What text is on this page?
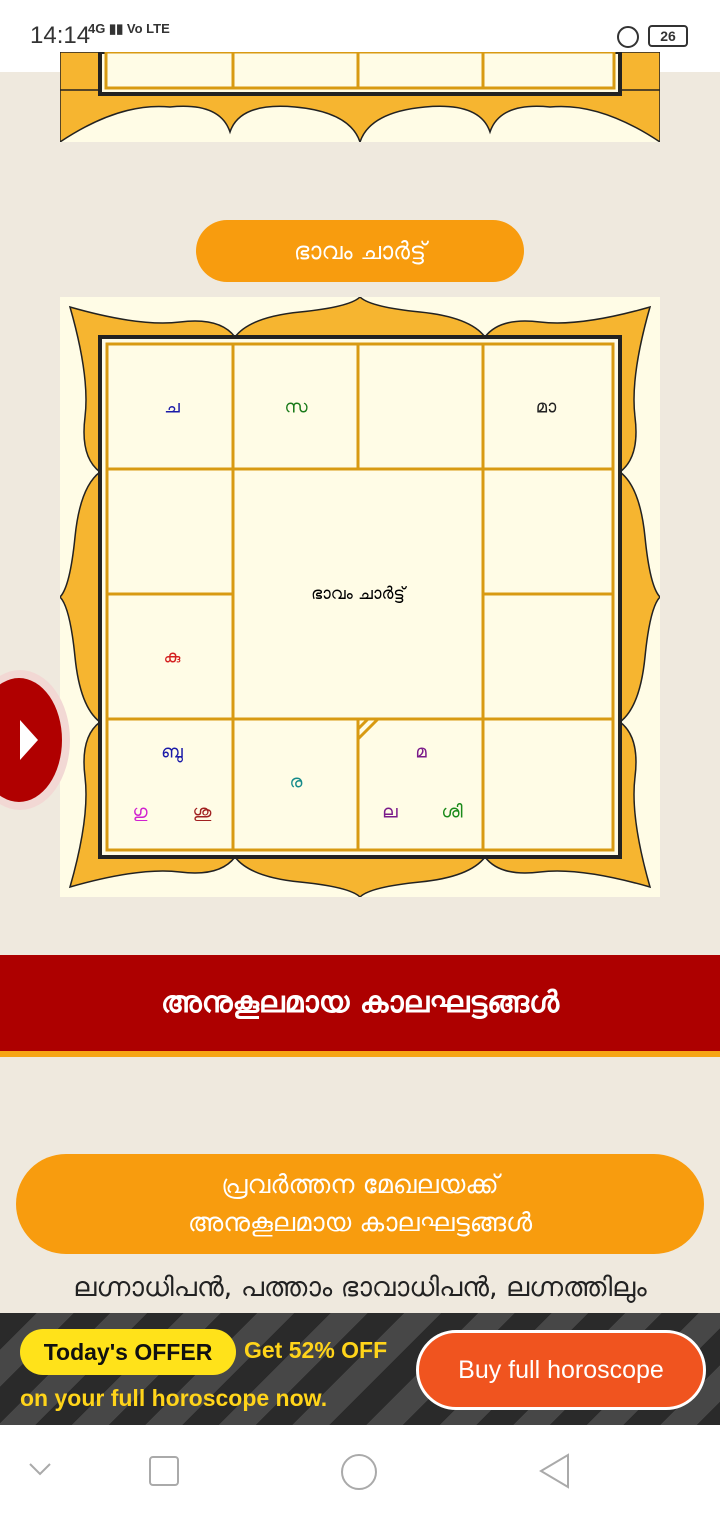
14:14
4G ▮▮ Vo LTE	26
ഭാവം ചാർട്ട്
ഭാവം ചാർട്ട്
ച	സ	മാ
കു
ബു
ഗു	ശു
ര
മ
ല ശി
അനുകൂലമായ കാലഘട്ടങ്ങൾ
പ്രവർത്തന മേഖലയക്ക്
അനുകൂലമായ കാലഘട്ടങ്ങൾ
ലഗ്നാധിപൻ, പത്താം ഭാവാധിപൻ, ലഗ്നത്തിലും
Today's OFFER	Get 52% OFF
on your full horoscope now.
Buy full horoscope
